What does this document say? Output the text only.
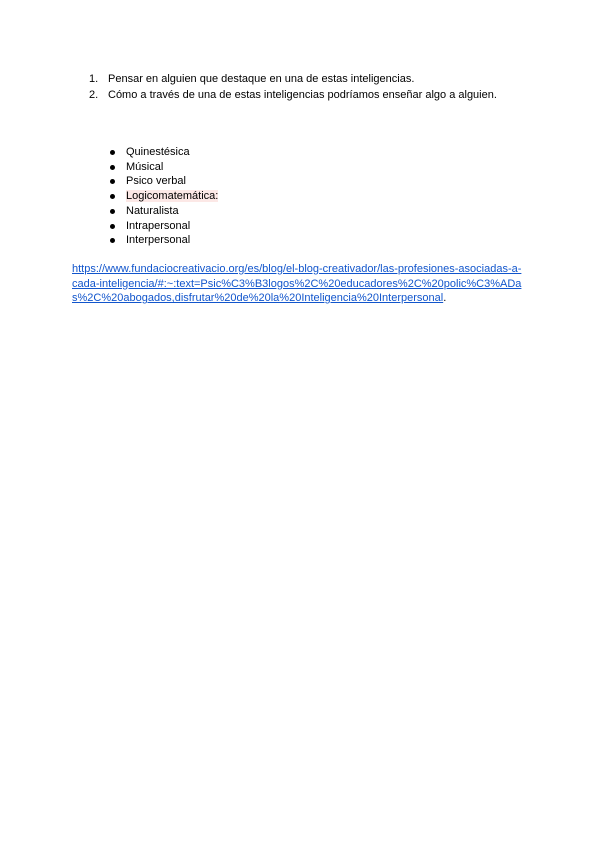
1. Pensar en alguien que destaque en una de estas inteligencias.
2. Cómo a través de una de estas inteligencias podríamos enseñar algo a alguien.
Quinestésica
Músical
Psico verbal
Logicomatemática:
Naturalista
Intrapersonal
Interpersonal
https://www.fundaciocreativacio.org/es/blog/el-blog-creativador/las-profesiones-asociadas-a-
cada-inteligencia/#:~:text=Psic%C3%B3logos%2C%20educadores%2C%20polic%C3%ADa
s%2C%20abogados,disfrutar%20de%20la%20Inteligencia%20Interpersonal.
